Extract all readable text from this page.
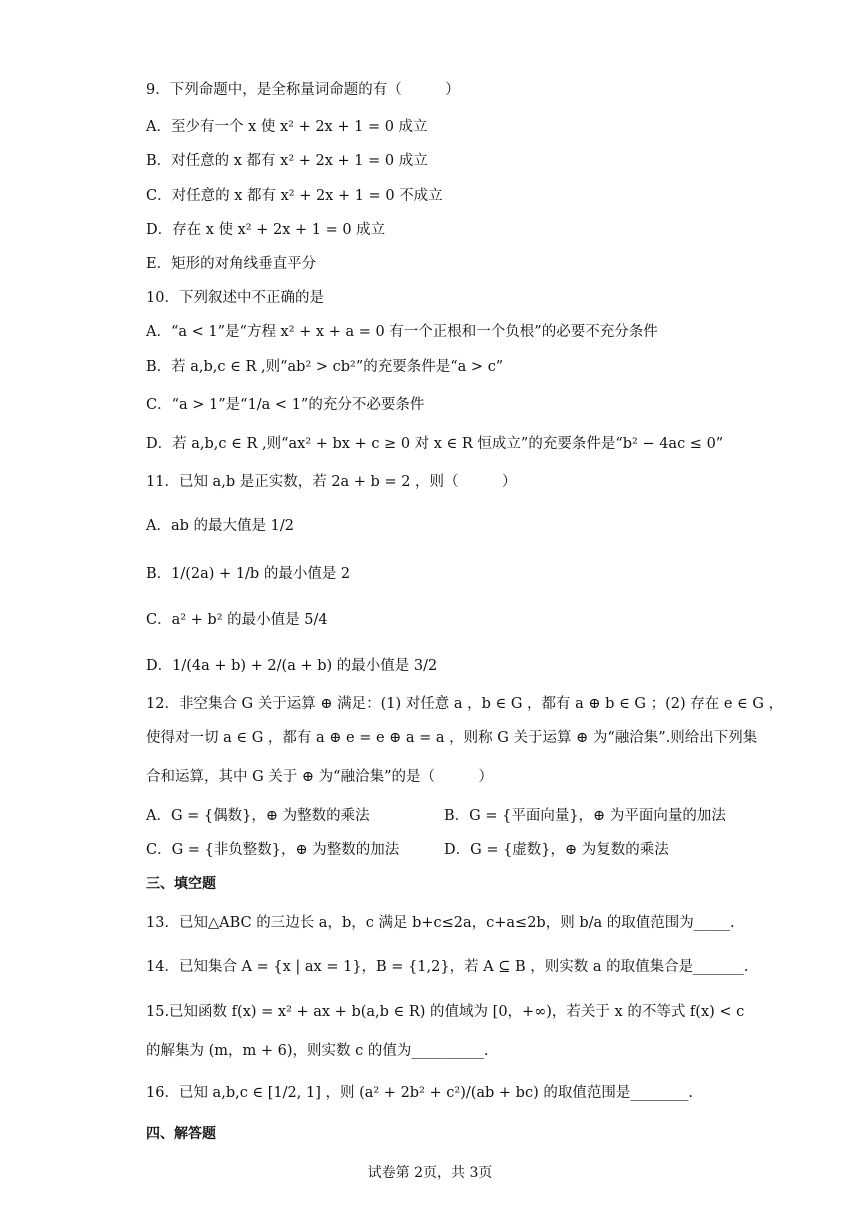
9．下列命题中，是全称量词命题的有（　　　）
A．至少有一个 x 使 x² + 2x + 1 = 0 成立
B．对任意的 x 都有 x² + 2x + 1 = 0 成立
C．对任意的 x 都有 x² + 2x + 1 = 0 不成立
D．存在 x 使 x² + 2x + 1 = 0 成立
E．矩形的对角线垂直平分
10．下列叙述中不正确的是
A．“a < 1”是“方程 x² + x + a = 0 有一个正根和一个负根”的必要不充分条件
B．若 a,b,c ∈ R ,则“ab² > cb²”的充要条件是“a > c”
C．“a > 1”是“1/a < 1”的充分不必要条件
D．若 a,b,c ∈ R ,则“ax² + bx + c ≥ 0 对 x ∈ R 恒成立”的充要条件是“b² − 4ac ≤ 0”
11．已知 a,b 是正实数，若 2a + b = 2 ，则（　　　）
A．ab 的最大值是 1/2
B．1/(2a) + 1/b 的最小值是 2
C．a² + b² 的最小值是 5/4
D．1/(4a + b) + 2/(a + b) 的最小值是 3/2
12．非空集合 G 关于运算 ⊕ 满足：(1) 对任意 a ，b ∈ G ，都有 a ⊕ b ∈ G ；(2) 存在 e ∈ G ，
使得对一切 a ∈ G ，都有 a ⊕ e = e ⊕ a = a ，则称 G 关于运算 ⊕ 为“融洽集”.则给出下列集
合和运算，其中 G 关于 ⊕ 为“融洽集”的是（　　　）
A．G = {偶数}，⊕ 为整数的乘法
C．G = {非负整数}，⊕ 为整数的加法
三、填空题
13．已知△ABC 的三边长 a，b，c 满足 b+c≤2a，c+a≤2b，则 b/a 的取值范围为_____.
14．已知集合 A = {x | ax = 1}，B = {1,2}，若 A ⊆ B ，则实数 a 的取值集合是_______.
15.已知函数 f(x) = x² + ax + b(a,b ∈ R) 的值域为 [0，+∞)，若关于 x 的不等式 f(x) < c
的解集为 (m，m + 6)，则实数 c 的值为__________.
16．已知 a,b,c ∈ [1/2, 1] ，则 (a² + 2b² + c²)/(ab + bc) 的取值范围是________.
四、解答题
B．G = {平面向量}，⊕ 为平面向量的加法
D．G = {虚数}，⊕ 为复数的乘法
试卷第 2页，共 3页
